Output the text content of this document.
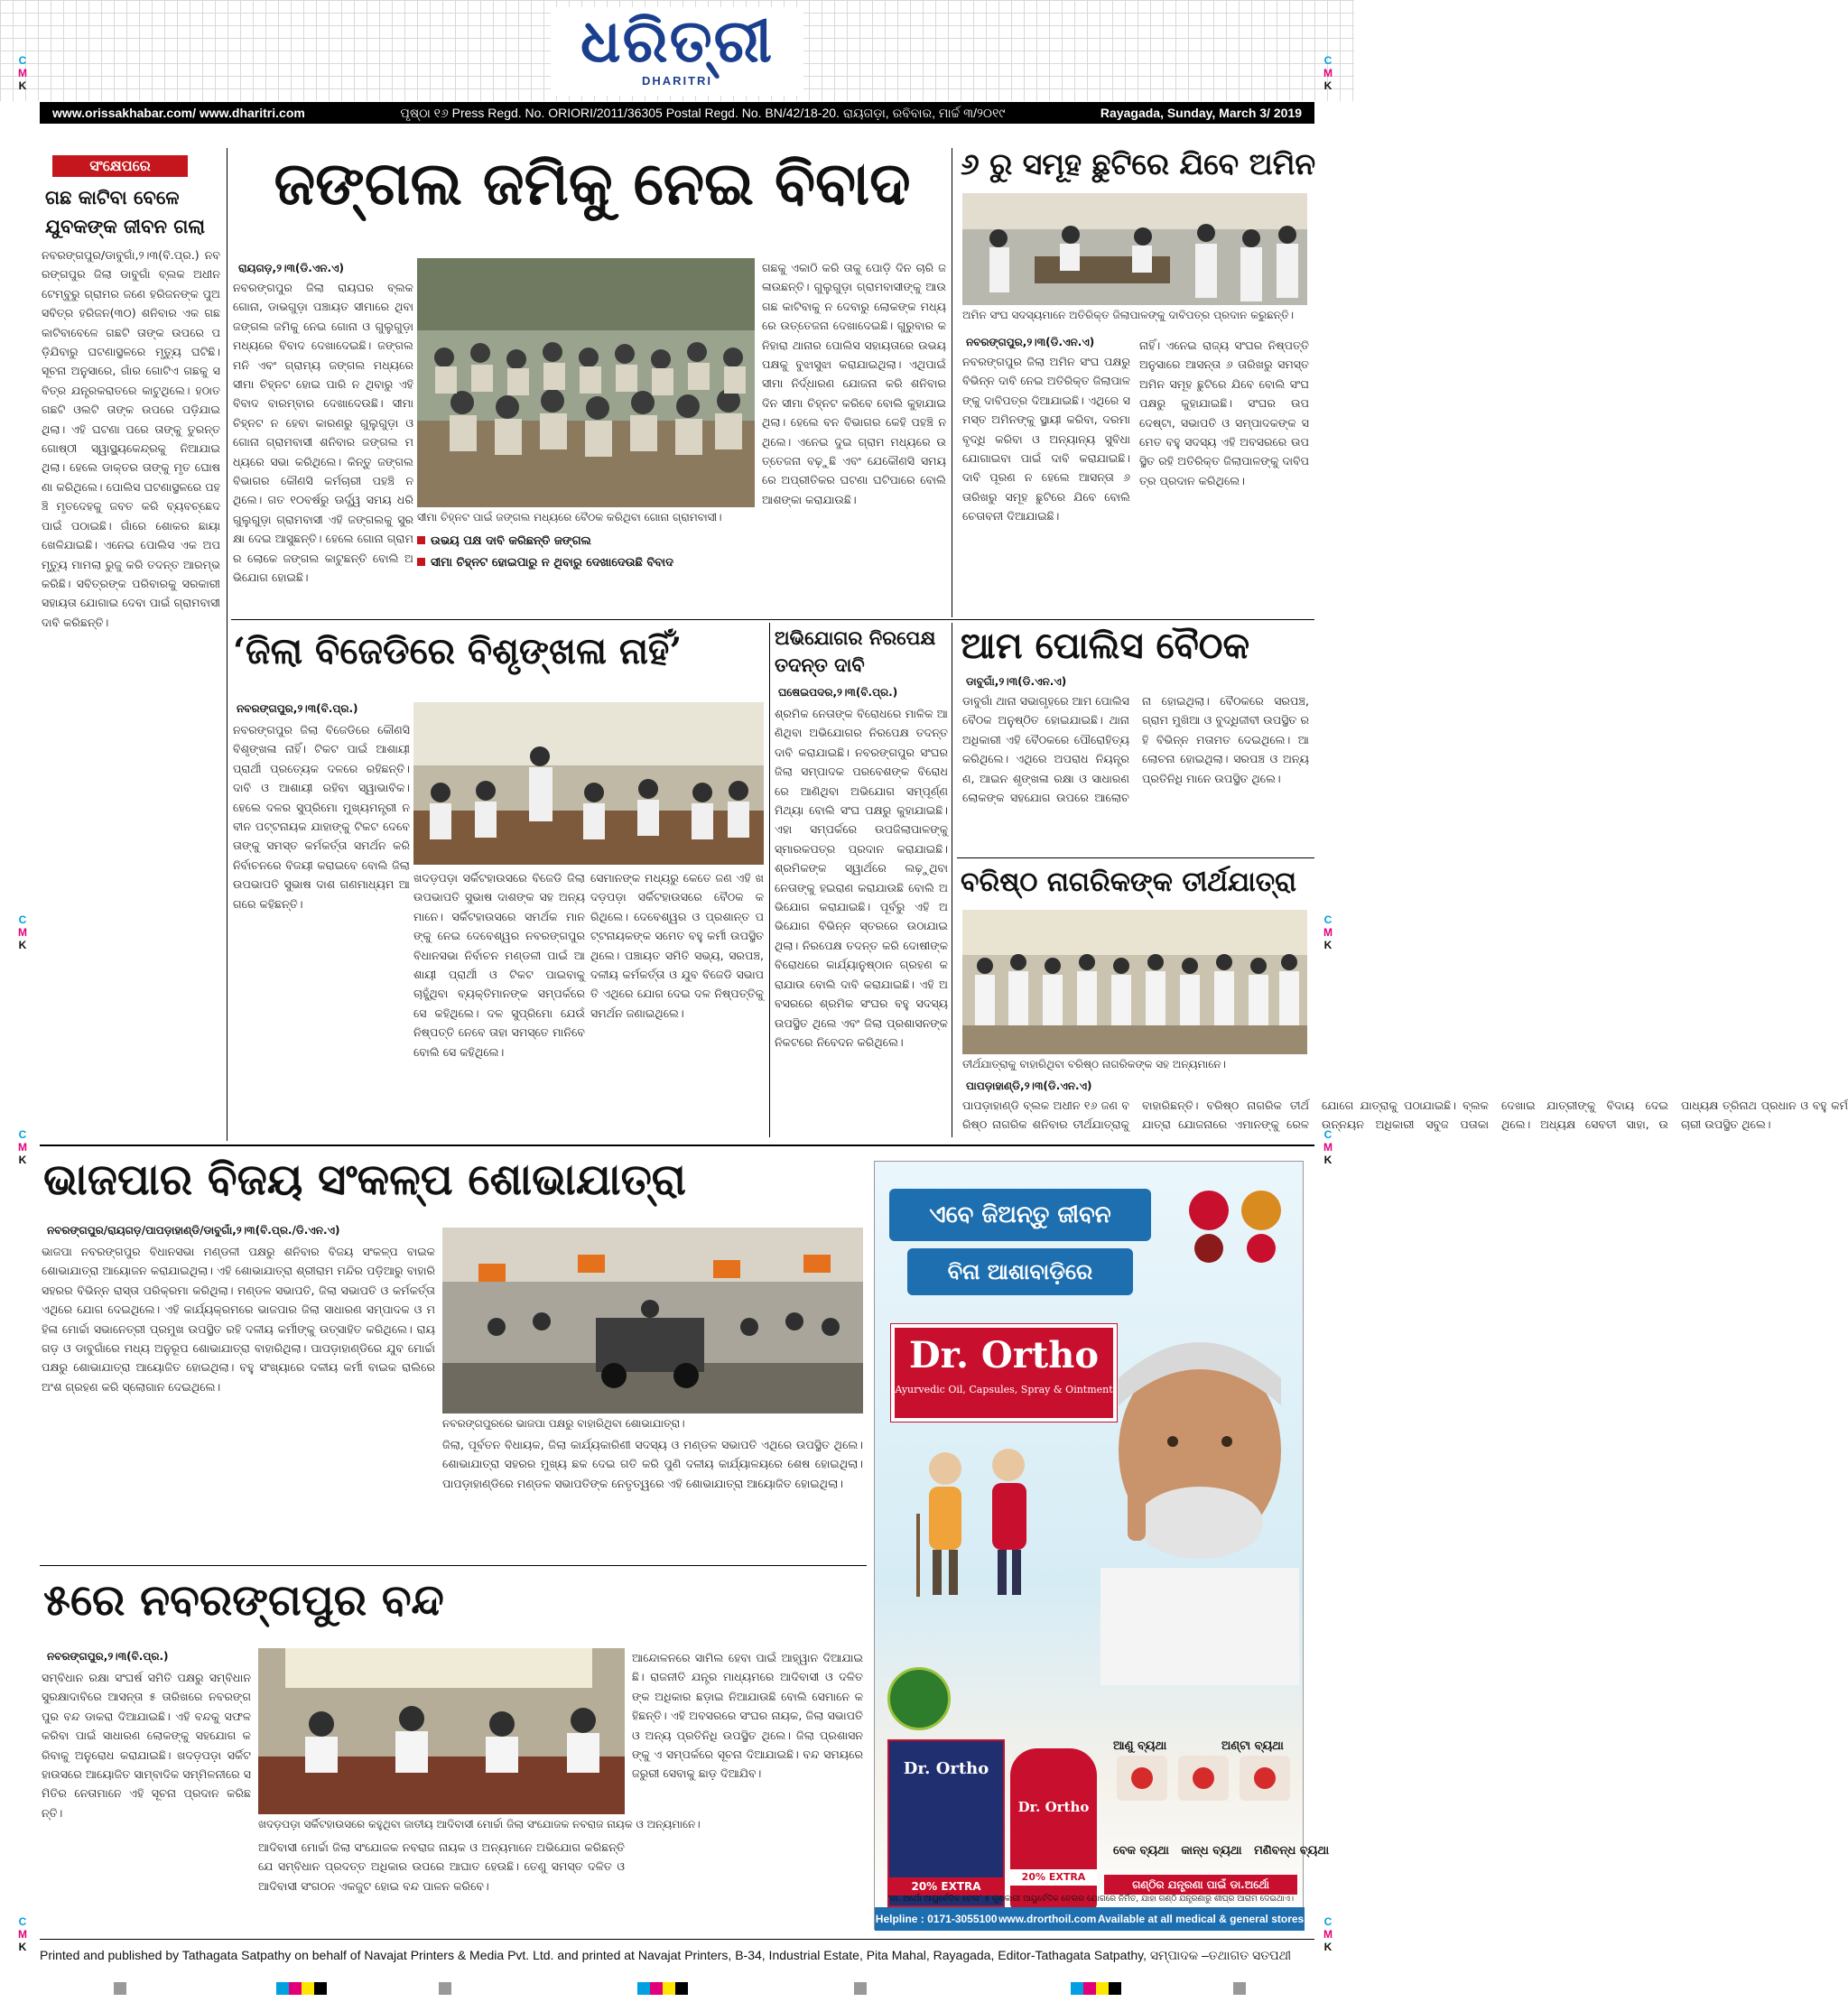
ଧରିତ୍ରୀ
DHARITRI
C
M
K
C
M
K
C
M
K
C
M
K
C
M
K
C
M
K
C
M
K
C
M
K
www.orissakhabar.com/ www.dharitri.com	ପୃଷ୍ଠା ୧୬ Press Regd. No. ORIORI/2011/36305 Postal Regd. No. BN/42/18-20. ରାୟଗଡ଼ା, ରବିବାର, ମାର୍ଚ୍ଚ ୩/୨୦୧୯	Rayagada, Sunday, March 3/ 2019
ସଂକ୍ଷେପରେ
ଗଛ କାଟିବା ବେଳେ
ଯୁବକଙ୍କ ଜୀବନ ଗଲା
ନବରଙ୍ଗପୁର/ଡାବୁଗାଁ,୨।୩(ବି.ପ୍ର.) ନବରଙ୍ଗପୁର ଜିଲା ଡାବୁଗାଁ ବ୍ଲକ ଅଧୀନ ଟେମ୍ବୁରୁ ଗ୍ରାମର ଜଣେ ହରିଜନଙ୍କ ପୁଅ ସବିତ୍ର ହରିଜନ(୩୦) ଶନିବାର ଏକ ଗଛ କାଟିବାବେଳେ ଗଛଟି ତାଙ୍କ ଉପରେ ପଡ଼ିଯିବାରୁ ଘଟଣାସ୍ଥଳରେ ମୃତ୍ୟୁ ଘଟିଛି। ସୂଚନା ଅନୁସାରେ, ଗାଁର ଗୋଟିଏ ଗଛକୁ ସବିତ୍ର ଯନ୍ତ୍ରକରାତରେ କାଟୁଥିଲେ। ହଠାତ ଗଛଟି ଓଲଟି ତାଙ୍କ ଉପରେ ପଡ଼ିଯାଇଥିଲା। ଏହି ଘଟଣା ପରେ ତାଙ୍କୁ ତୁରନ୍ତ ଗୋଷ୍ଠୀ ସ୍ୱାସ୍ଥ୍ୟକେନ୍ଦ୍ରକୁ ନିଆଯାଇଥିଲା। ହେଲେ ଡାକ୍ତର ତାଙ୍କୁ ମୃତ ଘୋଷଣା କରିଥିଲେ। ପୋଲିସ ଘଟଣାସ୍ଥଳରେ ପହଞ୍ଚି ମୃତଦେହକୁ ଜବତ କରି ବ୍ୟବଚ୍ଛେଦ ପାଇଁ ପଠାଇଛି। ଗାଁରେ ଶୋକର ଛାୟା ଖେଳିଯାଇଛି। ଏନେଇ ପୋଲିସ ଏକ ଅପମୃତ୍ୟୁ ମାମଲା ରୁଜୁ କରି ତଦନ୍ତ ଆରମ୍ଭ କରିଛି। ସବିତ୍ରଙ୍କ ପରିବାରକୁ ସରକାରୀ ସହାୟତା ଯୋଗାଇ ଦେବା ପାଇଁ ଗ୍ରାମବାସୀ ଦାବି କରିଛନ୍ତି।
ଜଙ୍ଗଲ ଜମିକୁ ନେଇ ବିବାଦ
ରାୟଗଡ଼,୨।୩(ଡି.ଏନ.ଏ)
ନବରଙ୍ଗପୁର ଜିଲା ରାୟଘର ବ୍ଲକ ଗୋନା, ଡାଭଗୁଡ଼ା ପଞ୍ଚାୟତ ସୀମାରେ ଥିବା ଜଙ୍ଗଲ ଜମିକୁ ନେଇ ଗୋନା ଓ ଗୁଲୁଗୁଡ଼ା ମଧ୍ୟରେ ବିବାଦ ଦେଖାଦେଇଛି। ଜଙ୍ଗଲ ମନି ଏବଂ ଗ୍ରାମ୍ୟ ଜଙ୍ଗଲ ମଧ୍ୟରେ ସୀମା ଚିହ୍ନଟ ହୋଇ ପାରି ନ ଥିବାରୁ ଏହି ବିବାଦ ବାରମ୍ବାର ଦେଖାଦେଉଛି। ସୀମା ଚିହ୍ନଟ ନ ହେବା କାରଣରୁ ଗୁଲୁଗୁଡ଼ା ଓ ଗୋନା ଗ୍ରାମବାସୀ ଶନିବାର ଜଙ୍ଗଲ ମଧ୍ୟରେ ସଭା କରିଥିଲେ। କିନ୍ତୁ ଜଙ୍ଗଲ ବିଭାଗର କୌଣସି କର୍ମଚାରୀ ପହଞ୍ଚି ନ ଥିଲେ। ଗତ ୧୦ବର୍ଷରୁ ଊର୍ଦ୍ଧ୍ୱ ସମୟ ଧରି ଗୁଲୁଗୁଡ଼ା ଗ୍ରାମବାସୀ ଏହି ଜଙ୍ଗଲକୁ ସୁରକ୍ଷା ଦେଇ ଆସୁଛନ୍ତି। ହେଲେ ଗୋନା ଗ୍ରାମର ଲୋକେ ଜଙ୍ଗଲ କାଟୁଛନ୍ତି ବୋଲି ଅଭିଯୋଗ ହୋଇଛି।
ସୀମା ଚିହ୍ନଟ ପାଇଁ ଜଙ୍ଗଲ ମଧ୍ୟରେ ବୈଠକ କରିଥିବା ଗୋନା ଗ୍ରାମବାସୀ।
ଉଭୟ ପକ୍ଷ ଦାବି କରିଛନ୍ତି ଜଙ୍ଗଲ
ସୀମା ଚିହ୍ନଟ ହୋଇପାରୁ ନ ଥିବାରୁ ଦେଖାଦେଉଛି ବିବାଦ
ଗଛକୁ ଏକାଠି କରି ତାକୁ ପୋଡ଼ି ଦିନ ଚାରି ଜଳାଉଛନ୍ତି। ଗୁଲୁଗୁଡ଼ା ଗ୍ରାମବାସୀଙ୍କୁ ଆଉ ଗଛ କାଟିବାକୁ ନ ଦେବାରୁ ଲୋକଙ୍କ ମଧ୍ୟରେ ଉତ୍ତେଜନା ଦେଖାଦେଇଛି। ଗୁରୁବାର କନିହାରା ଥାନାର ପୋଲିସ ସହାୟତାରେ ଉଭୟ ପକ୍ଷକୁ ବୁଝାସୁଝା କରାଯାଇଥିଲା। ଏଥିପାଇଁ ସୀମା ନିର୍ଦ୍ଧାରଣ ଯୋଜନା କରି ଶନିବାର ଦିନ ସୀମା ଚିହ୍ନଟ କରିବେ ବୋଲି କୁହାଯାଇଥିଲା। ହେଲେ ବନ ବିଭାଗର କେହି ପହଞ୍ଚି ନଥିଲେ। ଏନେଇ ଦୁଇ ଗ୍ରାମ ମଧ୍ୟରେ ଉତ୍ତେଜନା ବଢ଼ୁଛି ଏବଂ ଯେକୌଣସି ସମୟରେ ଅପ୍ରୀତିକର ଘଟଣା ଘଟିପାରେ ବୋଲି ଆଶଙ୍କା କରାଯାଉଛି।
୬ ରୁ ସମୂହ ଛୁଟିରେ ଯିବେ ଅମିନ
ଅମିନ ସଂଘ ସଦସ୍ୟମାନେ ଅତିରିକ୍ତ ଜିଲାପାଳଙ୍କୁ ଦାବିପତ୍ର ପ୍ରଦାନ କରୁଛନ୍ତି।
ନବରଙ୍ଗପୁର,୨।୩(ଡି.ଏନ.ଏ)
ନବରଙ୍ଗପୁର ଜିଲା ଅମିନ ସଂଘ ପକ୍ଷରୁ ବିଭିନ୍ନ ଦାବି ନେଇ ଅତିରିକ୍ତ ଜିଲାପାଳଙ୍କୁ ଦାବିପତ୍ର ଦିଆଯାଇଛି। ଏଥିରେ ସମସ୍ତ ଅମିନଙ୍କୁ ସ୍ଥାୟୀ କରିବା, ଦରମା ବୃଦ୍ଧି କରିବା ଓ ଅନ୍ୟାନ୍ୟ ସୁବିଧା ଯୋଗାଇବା ପାଇଁ ଦାବି କରାଯାଇଛି। ଦାବି ପୂରଣ ନ ହେଲେ ଆସନ୍ତା ୬ ତାରିଖରୁ ସମୂହ ଛୁଟିରେ ଯିବେ ବୋଲି ଚେତାବନୀ ଦିଆଯାଇଛି।
ନାହିଁ। ଏନେଇ ରାଜ୍ୟ ସଂଘର ନିଷ୍ପତ୍ତି ଅନୁସାରେ ଆସନ୍ତା ୬ ତାରିଖରୁ ସମସ୍ତ ଅମିନ ସମୂହ ଛୁଟିରେ ଯିବେ ବୋଲି ସଂଘ ପକ୍ଷରୁ କୁହାଯାଇଛି। ସଂଘର ଉପଦେଷ୍ଟା, ସଭାପତି ଓ ସମ୍ପାଦକଙ୍କ ସମେତ ବହୁ ସଦସ୍ୟ ଏହି ଅବସରରେ ଉପସ୍ଥିତ ରହି ଅତିରିକ୍ତ ଜିଲାପାଳଙ୍କୁ ଦାବିପତ୍ର ପ୍ରଦାନ କରିଥିଲେ।
‘ଜିଲା ବିଜେଡିରେ ବିଶୃଙ୍ଖଳା ନାହିଁ’
ନବରଙ୍ଗପୁର,୨।୩(ବି.ପ୍ର.)
ନବରଙ୍ଗପୁର ଜିଲା ବିଜେଡିରେ କୌଣସି ବିଶୃଙ୍ଖଳା ନାହିଁ। ଟିକଟ ପାଇଁ ଆଶାୟୀ ପ୍ରାର୍ଥୀ ପ୍ରତ୍ୟେକ ଦଳରେ ରହିଛନ୍ତି। ଦାବି ଓ ଆଶାୟୀ ରହିବା ସ୍ୱାଭାବିକ। ହେଲେ ଦଳର ସୁପ୍ରିମୋ ମୁଖ୍ୟମନ୍ତ୍ରୀ ନବୀନ ପଟ୍ଟନାୟକ ଯାହାଙ୍କୁ ଟିକଟ ଦେବେ ତାଙ୍କୁ ସମସ୍ତ କର୍ମକର୍ତ୍ତା ସମର୍ଥନ କରି ନିର୍ବାଚନରେ ବିଜୟୀ କରାଇବେ ବୋଲି ଜିଲା ଉପଭାପତି ସୁଭାଷ ଦାଶ ଗଣମାଧ୍ୟମ ଆଗରେ କହିଛନ୍ତି।
ଖଦଡ଼ପଡ଼ା ସର୍କିଟହାଉସରେ ବିଜେଡି ଜିଲା ଉପଭାପତି ସୁଭାଷ ଦାଶଙ୍କ ସହ ଅନ୍ୟମାନେ। ସର୍କିଟହାଉସରେ ସମର୍ଥକ ମାନଙ୍କୁ ନେଇ ଦେବେଶ୍ୱର ନବରଙ୍ଗପୁର ବିଧାନସଭା ନିର୍ବାଚନ ମଣ୍ଡଳୀ ପାଇଁ ଆଶାୟୀ ପ୍ରାର୍ଥୀ ଓ ଟିକଟ ପାଇବାକୁ ଚାହୁଁଥିବା ବ୍ୟକ୍ତିମାନଙ୍କ ସମ୍ପର୍କରେ ସେ କହିଥିଲେ। ଦଳ ସୁପ୍ରିମୋ ଯେଉଁ ନିଷ୍ପତ୍ତି ନେବେ ତାହା ସମସ୍ତେ ମାନିବେ ବୋଲି ସେ କହିଥିଲେ।
ସେମାନଙ୍କ ମଧ୍ୟରୁ କେତେ ଜଣ ଏହି ଖଦଡ଼ପଡ଼ା ସର୍କିଟହାଉସରେ ବୈଠକ କରିଥିଲେ। ଦେବେଶ୍ୱର ଓ ପ୍ରଶାନ୍ତ ପଟ୍ଟନାୟକଙ୍କ ସମେତ ବହୁ କର୍ମୀ ଉପସ୍ଥିତ ଥିଲେ। ପଞ୍ଚାୟତ ସମିତି ସଭ୍ୟ, ସରପଞ୍ଚ, ଦଳୀୟ କର୍ମକର୍ତ୍ତା ଓ ଯୁବ ବିଜେଡି ସଭାପତି ଏଥିରେ ଯୋଗ ଦେଇ ଦଳ ନିଷ୍ପତ୍ତିକୁ ସମର୍ଥନ ଜଣାଇଥିଲେ।
ଅଭିଯୋଗର ନିରପେକ୍ଷ
ତଦନ୍ତ ଦାବି
ଘଷେଇପଦର,୨।୩(ବି.ପ୍ର.)
ଶ୍ରମିକ ନେତାଙ୍କ ବିରୋଧରେ ମାଳିକ ଆଣିଥିବା ଅଭିଯୋଗର ନିରପେକ୍ଷ ତଦନ୍ତ ଦାବି କରାଯାଇଛି। ନବରଙ୍ଗପୁର ସଂଘର ଜିଲା ସମ୍ପାଦକ ପରବେଶଙ୍କ ବିରୋଧରେ ଆଣିଥିବା ଅଭିଯୋଗ ସମ୍ପୂର୍ଣ୍ଣ ମିଥ୍ୟା ବୋଲି ସଂଘ ପକ୍ଷରୁ କୁହାଯାଇଛି। ଏହା ସମ୍ପର୍କରେ ଉପଜିଲାପାଳଙ୍କୁ ସ୍ମାରକପତ୍ର ପ୍ରଦାନ କରାଯାଇଛି। ଶ୍ରମିକଙ୍କ ସ୍ୱାର୍ଥରେ ଲଢ଼ୁଥିବା ନେତାଙ୍କୁ ହଇରାଣ କରାଯାଉଛି ବୋଲି ଅଭିଯୋଗ କରାଯାଇଛି। ପୂର୍ବରୁ ଏହି ଅଭିଯୋଗ ବିଭିନ୍ନ ସ୍ତରରେ ଉଠାଯାଇଥିଲା। ନିରପେକ୍ଷ ତଦନ୍ତ କରି ଦୋଷୀଙ୍କ ବିରୋଧରେ କାର୍ଯ୍ୟାନୁଷ୍ଠାନ ଗ୍ରହଣ କରାଯାଉ ବୋଲି ଦାବି କରାଯାଇଛି। ଏହି ଅବସରରେ ଶ୍ରମିକ ସଂଘର ବହୁ ସଦସ୍ୟ ଉପସ୍ଥିତ ଥିଲେ ଏବଂ ଜିଲା ପ୍ରଶାସନଙ୍କ ନିକଟରେ ନିବେଦନ କରିଥିଲେ।
ଆମ ପୋଲିସ ବୈଠକ
ଡାବୁଗାଁ,୨।୩(ଡି.ଏନ.ଏ)
ଡାବୁଗାଁ ଥାନା ସଭାଗୃହରେ ଆମ ପୋଲିସ ବୈଠକ ଅନୁଷ୍ଠିତ ହୋଇଯାଇଛି। ଥାନା ଅଧିକାରୀ ଏହି ବୈଠକରେ ପୌରୋହିତ୍ୟ କରିଥିଲେ। ଏଥିରେ ଅପରାଧ ନିୟନ୍ତ୍ରଣ, ଆଇନ ଶୃଙ୍ଖଳା ରକ୍ଷା ଓ ସାଧାରଣ ଲୋକଙ୍କ ସହଯୋଗ ଉପରେ ଆଲୋଚନା ହୋଇଥିଲା। ବୈଠକରେ ସରପଞ୍ଚ, ଗ୍ରାମ ମୁଖିଆ ଓ ବୁଦ୍ଧିଜୀବୀ ଉପସ୍ଥିତ ରହି ବିଭିନ୍ନ ମତାମତ ଦେଇଥିଲେ। ଆଲୋଚନା ହୋଇଥିଲା। ସରପଞ୍ଚ ଓ ଅନ୍ୟ ପ୍ରତିନିଧି ମାନେ ଉପସ୍ଥିତ ଥିଲେ।
ବରିଷ୍ଠ ନାଗରିକଙ୍କ ତୀର୍ଥଯାତ୍ରା
ତୀର୍ଥଯାତ୍ରାକୁ ବାହାରିଥିବା ବରିଷ୍ଠ ନାଗରିକଙ୍କ ସହ ଅନ୍ୟମାନେ।
ପାପଡ଼ାହାଣ୍ଡି,୨।୩(ଡି.ଏନ.ଏ)
ପାପଡ଼ାହାଣ୍ଡି ବ୍ଲକ ଅଧୀନ ୧୬ ଜଣ ବରିଷ୍ଠ ନାଗରିକ ଶନିବାର ତୀର୍ଥଯାତ୍ରାକୁ ବାହାରିଛନ୍ତି। ବରିଷ୍ଠ ନାଗରିକ ତୀର୍ଥଯାତ୍ରା ଯୋଜନାରେ ଏମାନଙ୍କୁ ରେଳ ଯୋଗେ ଯାତ୍ରାକୁ ପଠାଯାଇଛି। ବ୍ଲକ ଉନ୍ନୟନ ଅଧିକାରୀ ସବୁଜ ପତାକା ଦେଖାଇ ଯାତ୍ରୀଙ୍କୁ ବିଦାୟ ଦେଇଥିଲେ। ଅଧ୍ୟକ୍ଷ ସେବତୀ ସାହା, ଉପାଧ୍ୟକ୍ଷ ତ୍ରିନାଥ ପ୍ରଧାନ ଓ ବହୁ କର୍ମଚାରୀ ଉପସ୍ଥିତ ଥିଲେ।
ଭାଜପାର ବିଜୟ ସଂକଳ୍ପ ଶୋଭାଯାତ୍ରା
ନବରଙ୍ଗପୁର/ରାୟଗଡ଼/ପାପଡ଼ାହାଣ୍ଡି/ଡାବୁଗାଁ,୨।୩(ବି.ପ୍ର./ଡି.ଏନ.ଏ)
ଭାଜପା ନବରଙ୍ଗପୁର ବିଧାନସଭା ମଣ୍ଡଳୀ ପକ୍ଷରୁ ଶନିବାର ବିଜୟ ସଂକଳ୍ପ ବାଇକ ଶୋଭାଯାତ୍ରା ଆୟୋଜନ କରାଯାଇଥିଲା। ଏହି ଶୋଭାଯାତ୍ରା ଶ୍ରୀରାମ ମନ୍ଦିର ପଡ଼ିଆରୁ ବାହାରି ସହରର ବିଭିନ୍ନ ରାସ୍ତା ପରିକ୍ରମା କରିଥିଲା। ମଣ୍ଡଳ ସଭାପତି, ଜିଲା ସଭାପତି ଓ କର୍ମକର୍ତ୍ତା ଏଥିରେ ଯୋଗ ଦେଇଥିଲେ। ଏହି କାର୍ଯ୍ୟକ୍ରମରେ ଭାଜପାର ଜିଲା ସାଧାରଣ ସମ୍ପାଦକ ଓ ମହିଳା ମୋର୍ଚ୍ଚା ସଭାନେତ୍ରୀ ପ୍ରମୁଖ ଉପସ୍ଥିତ ରହି ଦଳୀୟ କର୍ମୀଙ୍କୁ ଉତ୍ସାହିତ କରିଥିଲେ। ରାୟଗଡ଼ ଓ ଡାବୁଗାଁରେ ମଧ୍ୟ ଅନୁରୂପ ଶୋଭାଯାତ୍ରା ବାହାରିଥିଲା। ପାପଡ଼ାହାଣ୍ଡିରେ ଯୁବ ମୋର୍ଚ୍ଚା ପକ୍ଷରୁ ଶୋଭାଯାତ୍ରା ଆୟୋଜିତ ହୋଇଥିଲା। ବହୁ ସଂଖ୍ୟାରେ ଦଳୀୟ କର୍ମୀ ବାଇକ ରାଲିରେ ଅଂଶ ଗ୍ରହଣ କରି ସ୍ଲୋଗାନ ଦେଇଥିଲେ।
ନବରଙ୍ଗପୁରରେ ଭାଜପା ପକ୍ଷରୁ ବାହାରିଥିବା ଶୋଭାଯାତ୍ରା।
ଜିଲା, ପୂର୍ବତନ ବିଧାୟକ, ଜିଲା କାର୍ଯ୍ୟକାରିଣୀ ସଦସ୍ୟ ଓ ମଣ୍ଡଳ ସଭାପତି ଏଥିରେ ଉପସ୍ଥିତ ଥିଲେ। ଶୋଭାଯାତ୍ରା ସହରର ମୁଖ୍ୟ ଛକ ଦେଇ ଗତି କରି ପୁଣି ଦଳୀୟ କାର୍ଯ୍ୟାଳୟରେ ଶେଷ ହୋଇଥିଲା। ପାପଡ଼ାହାଣ୍ଡିରେ ମଣ୍ଡଳ ସଭାପତିଙ୍କ ନେତୃତ୍ୱରେ ଏହି ଶୋଭାଯାତ୍ରା ଆୟୋଜିତ ହୋଇଥିଲା।
୫ରେ ନବରଙ୍ଗପୁର ବନ୍ଦ
ନବରଙ୍ଗପୁର,୨।୩(ବି.ପ୍ର.)
ସମ୍ବିଧାନ ରକ୍ଷା ସଂଘର୍ଷ ସମିତି ପକ୍ଷରୁ ସମ୍ବିଧାନ ସୁରକ୍ଷାଦାବିରେ ଆସନ୍ତା ୫ ତାରିଖରେ ନବରଙ୍ଗପୁର ବନ୍ଦ ଡାକରା ଦିଆଯାଇଛି। ଏହି ବନ୍ଦକୁ ସଫଳ କରିବା ପାଇଁ ସାଧାରଣ ଲୋକଙ୍କୁ ସହଯୋଗ କରିବାକୁ ଅନୁରୋଧ କରାଯାଇଛି। ଖଦଡ଼ପଡ଼ା ସର୍କିଟହାଉସରେ ଆୟୋଜିତ ସାମ୍ବାଦିକ ସମ୍ମିଳନୀରେ ସମିତିର ନେତାମାନେ ଏହି ସୂଚନା ପ୍ରଦାନ କରିଛନ୍ତି।
ଖଦଡ଼ପଡ଼ା ସର୍କିଟହାଉସରେ କହୁଥିବା ଜାତୀୟ ଆଦିବାସୀ ମୋର୍ଚ୍ଚା ଜିଲା ସଂଯୋଜକ ନବରାଜ ନାୟକ ଓ ଅନ୍ୟମାନେ।
ଆଦିବାସୀ ମୋର୍ଚ୍ଚା ଜିଲା ସଂଯୋଜକ ନବରାଜ ନାୟକ ଓ ଅନ୍ୟମାନେ ଅଭିଯୋଗ କରିଛନ୍ତି ଯେ ସମ୍ବିଧାନ ପ୍ରଦତ୍ତ ଅଧିକାର ଉପରେ ଆଘାତ ହେଉଛି। ତେଣୁ ସମସ୍ତ ଦଳିତ ଓ ଆଦିବାସୀ ସଂଗଠନ ଏକଜୁଟ ହୋଇ ବନ୍ଦ ପାଳନ କରିବେ।
ଆନ୍ଦୋଳନରେ ସାମିଲ ହେବା ପାଇଁ ଆହ୍ୱାନ ଦିଆଯାଇଛି। ରାଜନୀତି ଯନ୍ତ୍ର ମାଧ୍ୟମରେ ଆଦିବାସୀ ଓ ଦଳିତଙ୍କ ଅଧିକାର ଛଡ଼ାଇ ନିଆଯାଉଛି ବୋଲି ସେମାନେ କହିଛନ୍ତି। ଏହି ଅବସରରେ ସଂଘର ନାୟକ, ଜିଲା ସଭାପତି ଓ ଅନ୍ୟ ପ୍ରତିନିଧି ଉପସ୍ଥିତ ଥିଲେ। ଜିଲା ପ୍ରଶାସନଙ୍କୁ ଏ ସମ୍ପର୍କରେ ସୂଚନା ଦିଆଯାଇଛି। ବନ୍ଦ ସମୟରେ ଜରୁରୀ ସେବାକୁ ଛାଡ଼ ଦିଆଯିବ।
ଏବେ ଜିଅନ୍ତୁ ଜୀବନ
ବିନା ଆଶାବାଡ଼ିରେ
Dr. Ortho
Ayurvedic Oil, Capsules, Spray & Ointment
Dr. Ortho
20% EXTRA
Dr. Ortho
20% EXTRA
ଆଣୁ ବ୍ୟଥା	ଅଣ୍ଟା ବ୍ୟଥା
ବେକ ବ୍ୟଥା କାନ୍ଧ ବ୍ୟଥା ମଣିବନ୍ଧ ବ୍ୟଥା
ଗଣ୍ଠିର ଯନ୍ତ୍ରଣା ପାଇଁ ଡା.ଅର୍ଥୋ
‘ଡା. ଅର୍ଥୋ ଆୟୁର୍ବେଦିକ ତେଲ’ ୫ ଗୁଣକାରୀ ଆୟୁର୍ବେଦିକ ତେଲର ଯୋଗରେ ନିର୍ମିତ, ଯାହା ଗଣ୍ଠି ଯନ୍ତ୍ରଣାରୁ ଶୀଘ୍ର ଆରାମ ଦେଇଥାଏ।
Helpline : 0171-3055100 www.drorthoil.com Available at all medical & general stores
Printed and published by Tathagata Satpathy on behalf of Navajat Printers & Media Pvt. Ltd. and printed at Navajat Printers, B-34, Industrial Estate, Pita Mahal, Rayagada, Editor-Tathagata Satpathy, ସମ୍ପାଦକ –ତଥାଗତ ସତପଥୀ
